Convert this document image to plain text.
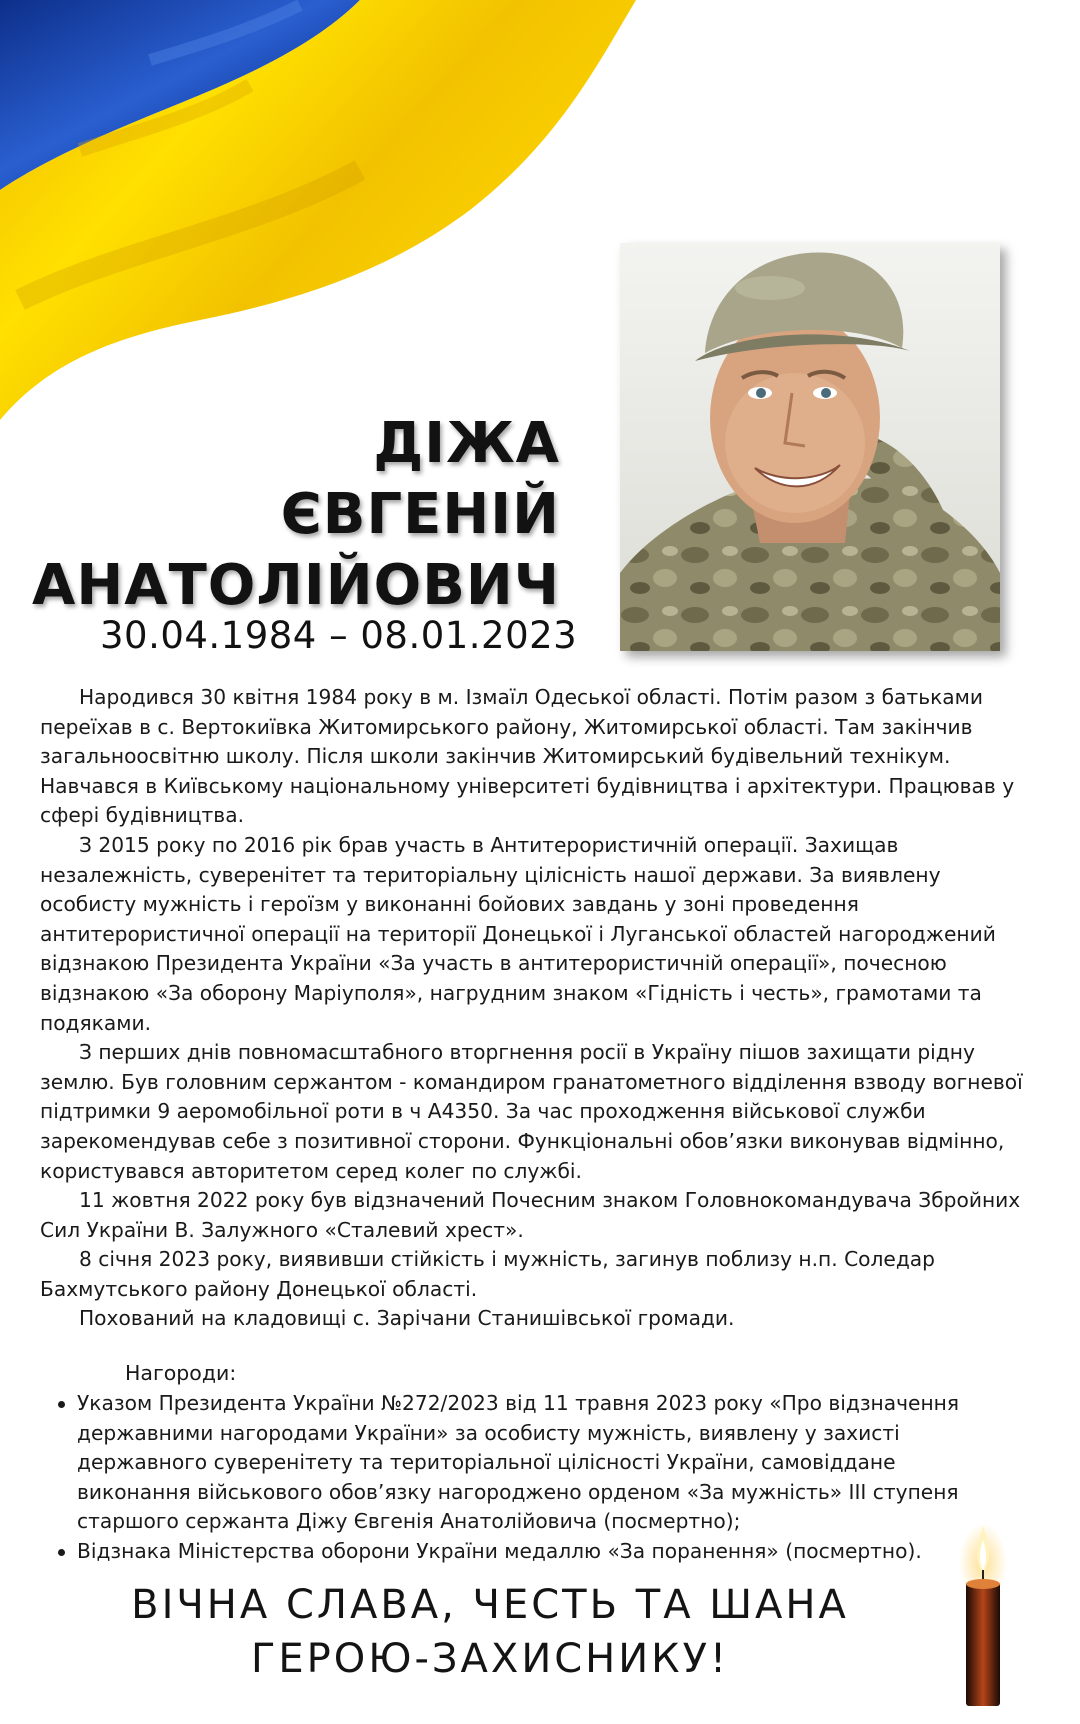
ДІЖА
ЄВГЕНІЙ
АНАТОЛІЙОВИЧ
30.04.1984 – 08.01.2023

Народився 30 квітня 1984 року в м. Ізмаїл Одеської області. Потім разом з батьками переїхав в с. Вертокиївка Житомирського району, Житомирської області. Там закінчив загальноосвітню школу. Після школи закінчив Житомирський будівельний технікум. Навчався в Київському національному університеті будівництва і архітектури. Працював у сфері будівництва.

З 2015 року по 2016 рік брав участь в Антитерористичній операції. Захищав незалежність, суверенітет та територіальну цілісність нашої держави. За виявлену особисту мужність і героїзм у виконанні бойових завдань у зоні проведення антитерористичної операції на території Донецької і Луганської областей нагороджений відзнакою Президента України «За участь в антитерористичній операції», почесною відзнакою «За оборону Маріуполя», нагрудним знаком «Гідність і честь», грамотами та подяками.

З перших днів повномасштабного вторгнення росії в Україну пішов захищати рідну землю. Був головним сержантом - командиром гранатометного відділення взводу вогневої підтримки 9 аеромобільної роти в ч А4350. За час проходження військової служби зарекомендував себе з позитивної сторони. Функціональні обов’язки виконував відмінно, користувався авторитетом серед колег по службі.

11 жовтня 2022 року був відзначений Почесним знаком Головнокомандувача Збройних Сил України В. Залужного «Сталевий хрест».

8 січня 2023 року, виявивши стійкість і мужність, загинув поблизу н.п. Соледар Бахмутського району Донецької області.

Похований на кладовищі с. Зарічани Станишівської громади.

Нагороди:
Указом Президента України №272/2023 від 11 травня 2023 року «Про відзначення державними нагородами України» за особисту мужність, виявлену у захисті державного суверенітету та територіальної цілісності України, самовіддане виконання військового обов’язку нагороджено орденом «За мужність» ІІІ ступеня старшого сержанта Діжу Євгенія Анатолійовича (посмертно);
Відзнака Міністерства оборони України медаллю «За поранення» (посмертно).
ВІЧНА СЛАВА, ЧЕСТЬ ТА ШАНА
ГЕРОЮ-ЗАХИСНИКУ!
